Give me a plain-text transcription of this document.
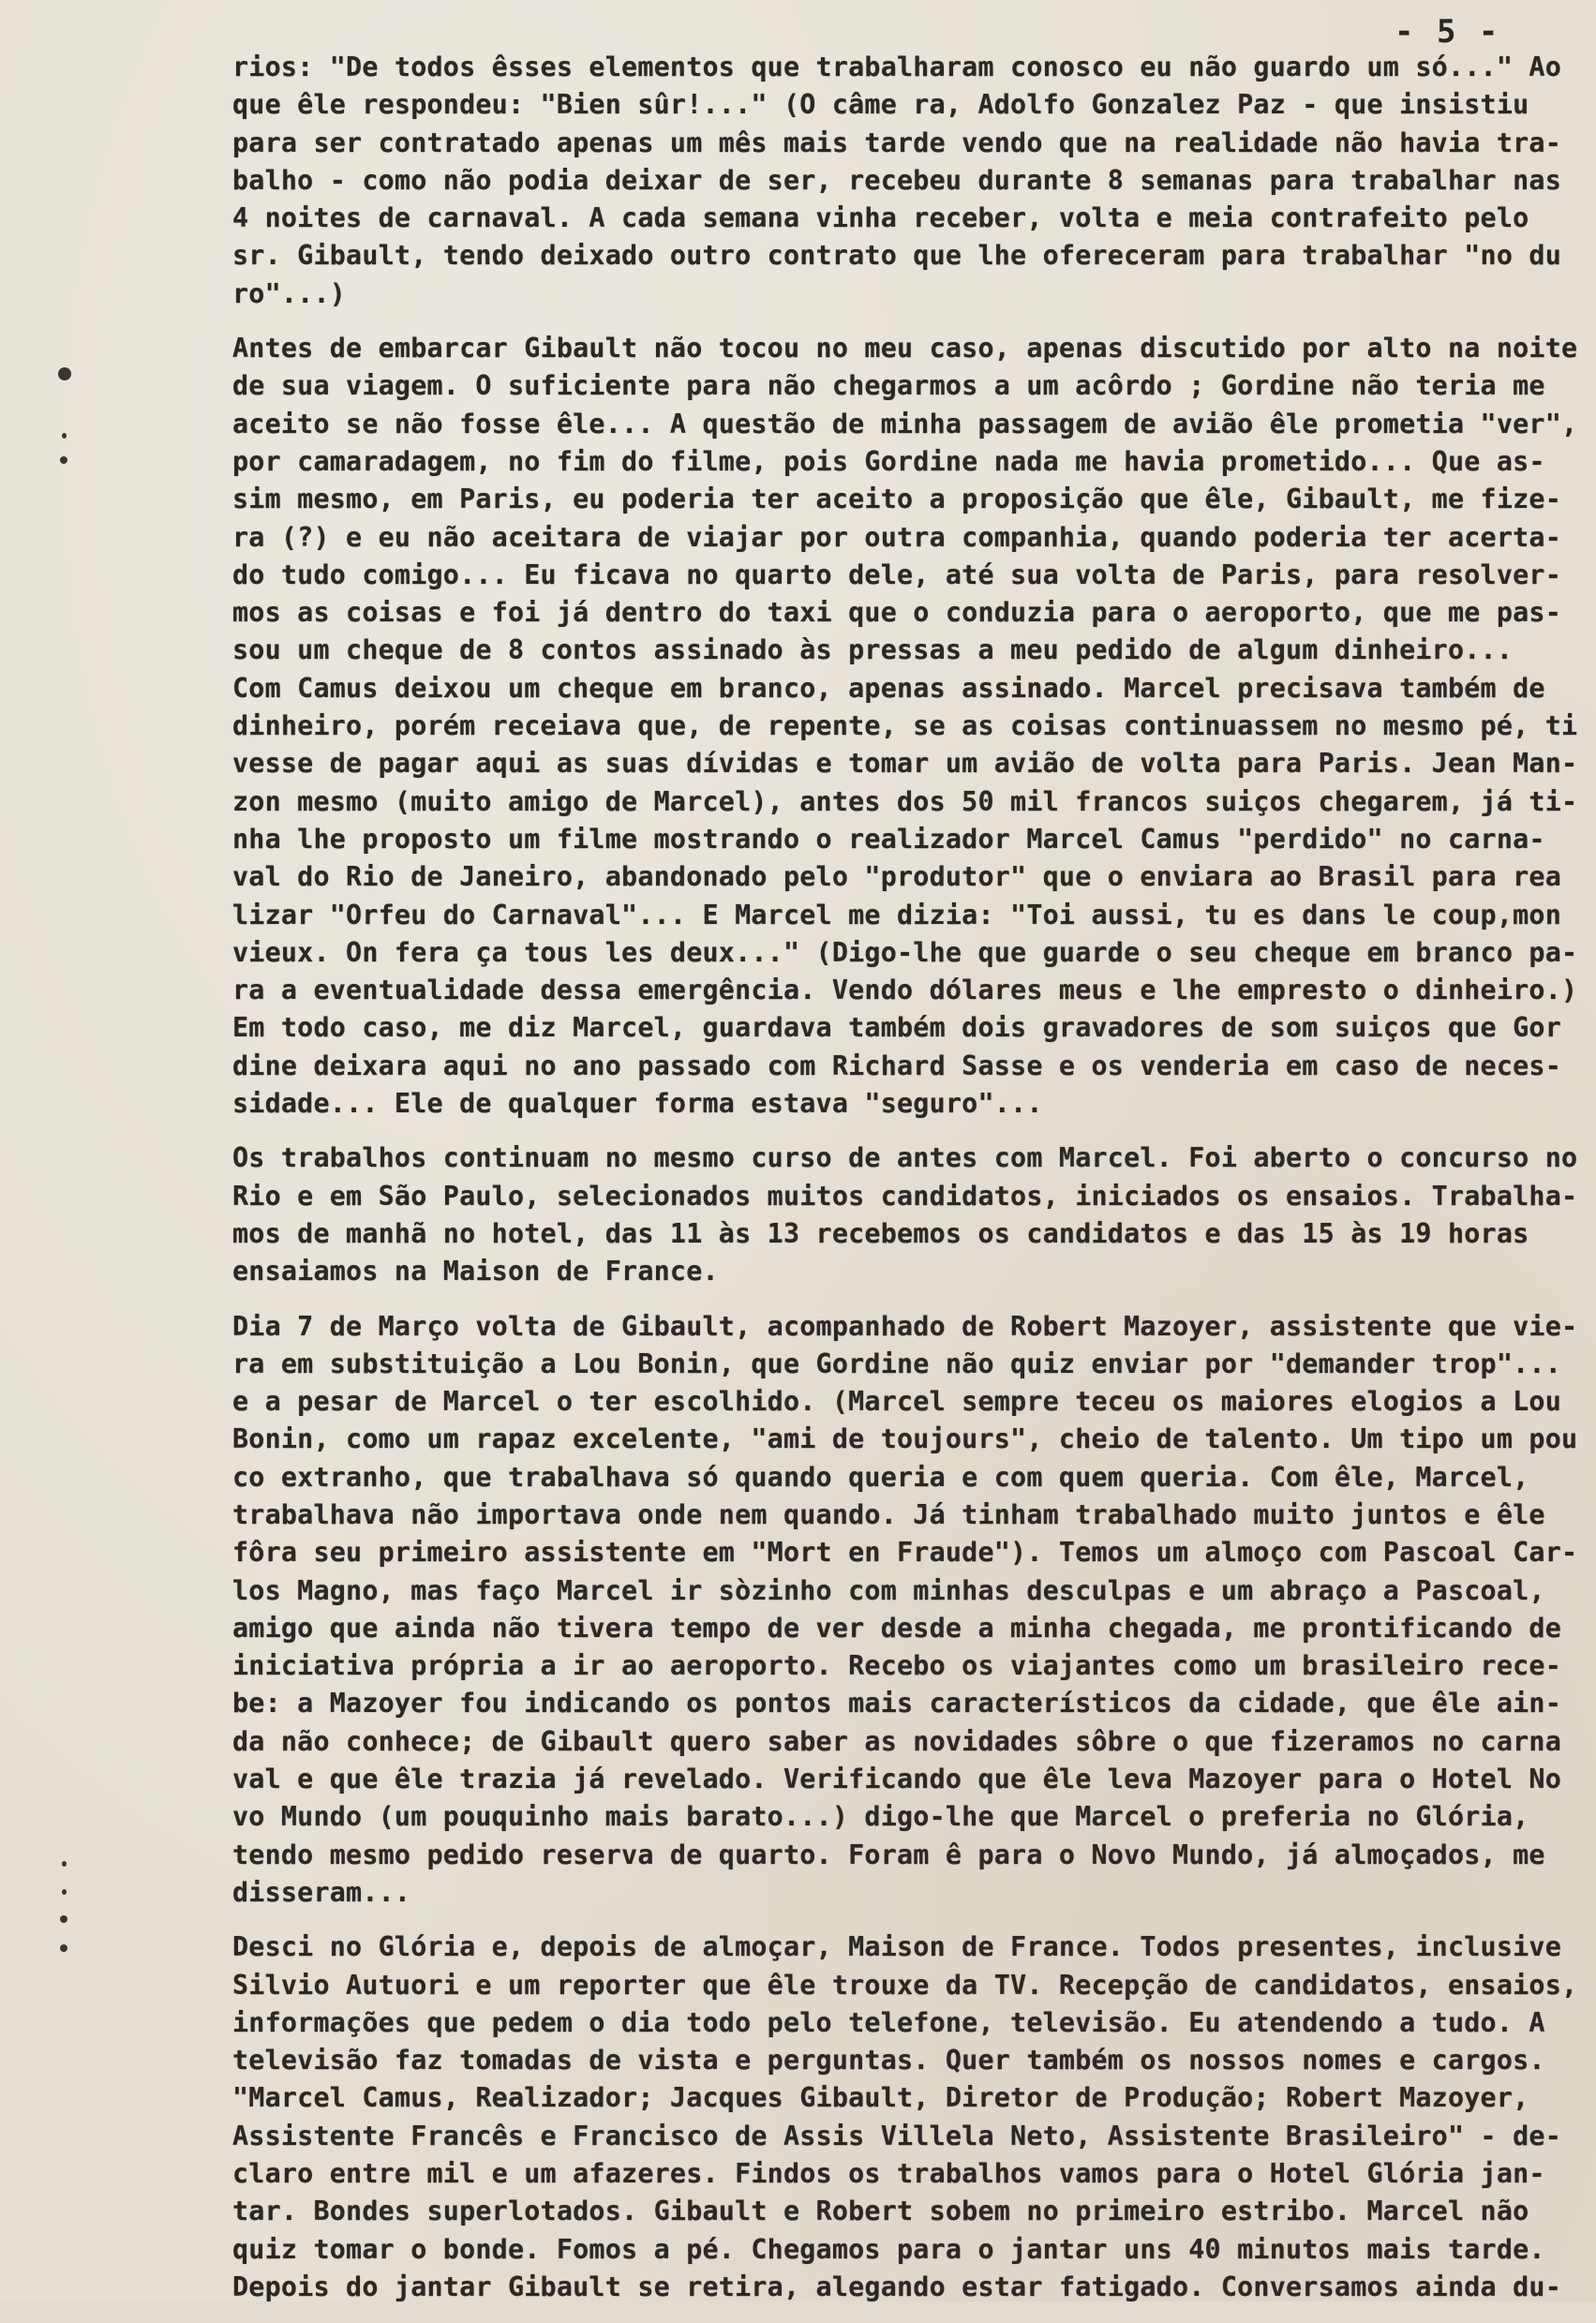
- 5 -
rios: "De todos êsses elementos que trabalharam conosco eu não guardo um só..." Ao
que êle respondeu: "Bien sûr!..." (O câme ra, Adolfo Gonzalez Paz - que insistiu
para ser contratado apenas um mês mais tarde vendo que na realidade não havia tra-
balho - como não podia deixar de ser, recebeu durante 8 semanas para trabalhar nas
4 noites de carnaval. A cada semana vinha receber, volta e meia contrafeito pelo
sr. Gibault, tendo deixado outro contrato que lhe ofereceram para trabalhar "no du
ro"...)
Antes de embarcar Gibault não tocou no meu caso, apenas discutido por alto na noite
de sua viagem. O suficiente para não chegarmos a um acôrdo ; Gordine não teria me
aceito se não fosse êle... A questão de minha passagem de avião êle prometia "ver",
por camaradagem, no fim do filme, pois Gordine nada me havia prometido... Que as-
sim mesmo, em Paris, eu poderia ter aceito a proposição que êle, Gibault, me fize-
ra (?) e eu não aceitara de viajar por outra companhia, quando poderia ter acerta-
do tudo comigo... Eu ficava no quarto dele, até sua volta de Paris, para resolver-
mos as coisas e foi já dentro do taxi que o conduzia para o aeroporto, que me pas-
sou um cheque de 8 contos assinado às pressas a meu pedido de algum dinheiro...
Com Camus deixou um cheque em branco, apenas assinado. Marcel precisava também de
dinheiro, porém receiava que, de repente, se as coisas continuassem no mesmo pé, ti
vesse de pagar aqui as suas dívidas e tomar um avião de volta para Paris. Jean Man-
zon mesmo (muito amigo de Marcel), antes dos 50 mil francos suiços chegarem, já ti-
nha lhe proposto um filme mostrando o realizador Marcel Camus "perdido" no carna-
val do Rio de Janeiro, abandonado pelo "produtor" que o enviara ao Brasil para rea
lizar "Orfeu do Carnaval"... E Marcel me dizia: "Toi aussi, tu es dans le coup,mon
vieux. On fera ça tous les deux..." (Digo-lhe que guarde o seu cheque em branco pa-
ra a eventualidade dessa emergência. Vendo dólares meus e lhe empresto o dinheiro.)
Em todo caso, me diz Marcel, guardava também dois gravadores de som suiços que Gor
dine deixara aqui no ano passado com Richard Sasse e os venderia em caso de neces-
sidade... Ele de qualquer forma estava "seguro"...
Os trabalhos continuam no mesmo curso de antes com Marcel. Foi aberto o concurso no
Rio e em São Paulo, selecionados muitos candidatos, iniciados os ensaios. Trabalha-
mos de manhã no hotel, das 11 às 13 recebemos os candidatos e das 15 às 19 horas
ensaiamos na Maison de France.
Dia 7 de Março volta de Gibault, acompanhado de Robert Mazoyer, assistente que vie-
ra em substituição a Lou Bonin, que Gordine não quiz enviar por "demander trop"...
e a pesar de Marcel o ter escolhido. (Marcel sempre teceu os maiores elogios a Lou
Bonin, como um rapaz excelente, "ami de toujours", cheio de talento. Um tipo um pou
co extranho, que trabalhava só quando queria e com quem queria. Com êle, Marcel,
trabalhava não importava onde nem quando. Já tinham trabalhado muito juntos e êle
fôra seu primeiro assistente em "Mort en Fraude"). Temos um almoço com Pascoal Car-
los Magno, mas faço Marcel ir sòzinho com minhas desculpas e um abraço a Pascoal,
amigo que ainda não tivera tempo de ver desde a minha chegada, me prontificando de
iniciativa própria a ir ao aeroporto. Recebo os viajantes como um brasileiro rece-
be: a Mazoyer fou indicando os pontos mais característicos da cidade, que êle ain-
da não conhece; de Gibault quero saber as novidades sôbre o que fizeramos no carna
val e que êle trazia já revelado. Verificando que êle leva Mazoyer para o Hotel No
vo Mundo (um pouquinho mais barato...) digo-lhe que Marcel o preferia no Glória,
tendo mesmo pedido reserva de quarto. Foram ê para o Novo Mundo, já almoçados, me
disseram...
Desci no Glória e, depois de almoçar, Maison de France. Todos presentes, inclusive
Silvio Autuori e um reporter que êle trouxe da TV. Recepção de candidatos, ensaios,
informações que pedem o dia todo pelo telefone, televisão. Eu atendendo a tudo. A
televisão faz tomadas de vista e perguntas. Quer também os nossos nomes e cargos.
"Marcel Camus, Realizador; Jacques Gibault, Diretor de Produção; Robert Mazoyer,
Assistente Francês e Francisco de Assis Villela Neto, Assistente Brasileiro" - de-
claro entre mil e um afazeres. Findos os trabalhos vamos para o Hotel Glória jan-
tar. Bondes superlotados. Gibault e Robert sobem no primeiro estribo. Marcel não
quiz tomar o bonde. Fomos a pé. Chegamos para o jantar uns 40 minutos mais tarde.
Depois do jantar Gibault se retira, alegando estar fatigado. Conversamos ainda du-
